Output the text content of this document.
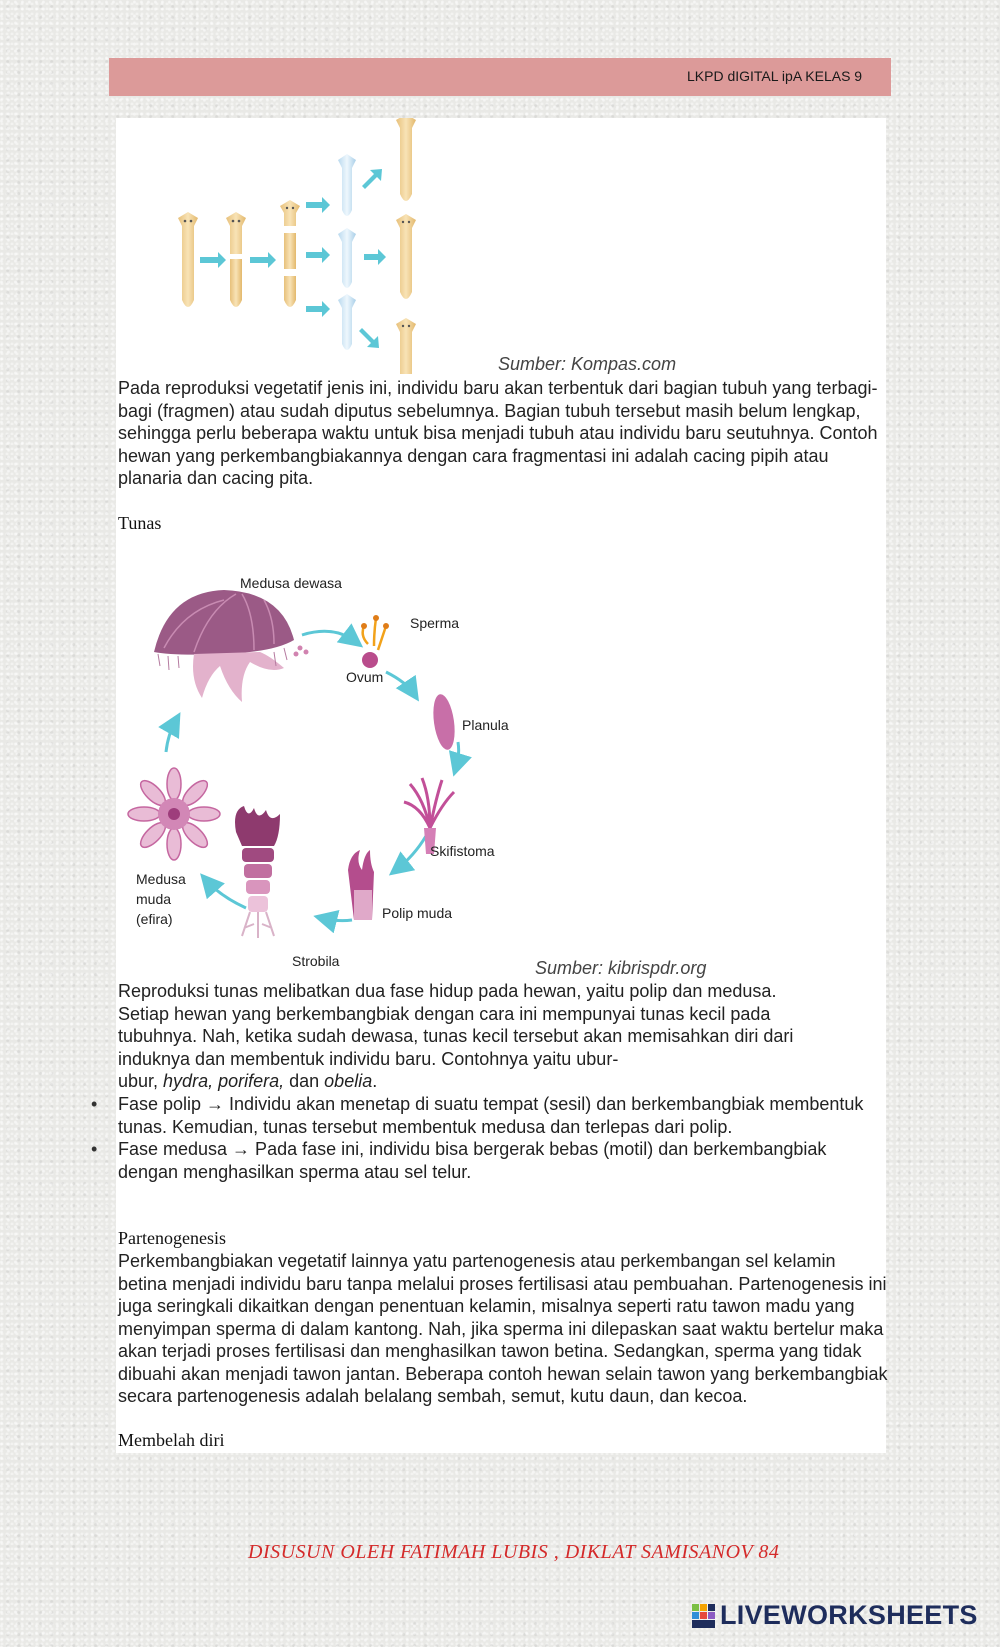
LKPD dIGITAL ipA KELAS 9
Sumber: Kompas.com

Pada reproduksi vegetatif jenis ini, individu baru akan terbentuk dari bagian tubuh yang terbagi-bagi (fragmen) atau sudah diputus sebelumnya. Bagian tubuh tersebut masih belum lengkap, sehingga perlu beberapa waktu untuk bisa menjadi tubuh atau individu baru seutuhnya. Contoh hewan yang perkembangbiakannya dengan cara fragmentasi ini adalah cacing pipih atau planaria dan cacing pita.

Tunas
Medusa dewasa
Sperma
Ovum
Planula
Skifistoma
Polip muda
Strobila
Medusa
muda
(efira)
Sumber: kibrispdr.org
Reproduksi tunas melibatkan dua fase hidup pada hewan, yaitu polip dan medusa.
Setiap hewan yang berkembangbiak dengan cara ini mempunyai tunas kecil pada
tubuhnya. Nah, ketika sudah dewasa, tunas kecil tersebut akan memisahkan diri dari
induknya dan membentuk individu baru. Contohnya yaitu ubur-
ubur, hydra, porifera, dan obelia.
• Fase polip → Individu akan menetap di suatu tempat (sesil) dan berkembangbiak membentuk tunas. Kemudian, tunas tersebut membentuk medusa dan terlepas dari polip.
• Fase medusa → Pada fase ini, individu bisa bergerak bebas (motil) dan berkembangbiak dengan menghasilkan sperma atau sel telur.
Partenogenesis

Perkembangbiakan vegetatif lainnya yatu partenogenesis atau perkembangan sel kelamin betina menjadi individu baru tanpa melalui proses fertilisasi atau pembuahan. Partenogenesis ini juga seringkali dikaitkan dengan penentuan kelamin, misalnya seperti ratu tawon madu yang menyimpan sperma di dalam kantong. Nah, jika sperma ini dilepaskan saat waktu bertelur maka akan terjadi proses fertilisasi dan menghasilkan tawon betina. Sedangkan, sperma yang tidak dibuahi akan menjadi tawon jantan. Beberapa contoh hewan selain tawon yang berkembangbiak secara partenogenesis adalah belalang sembah, semut, kutu daun, dan kecoa.

Membelah diri
DISUSUN OLEH FATIMAH LUBIS , DIKLAT SAMISANOV 84
LIVEWORKSHEETS
